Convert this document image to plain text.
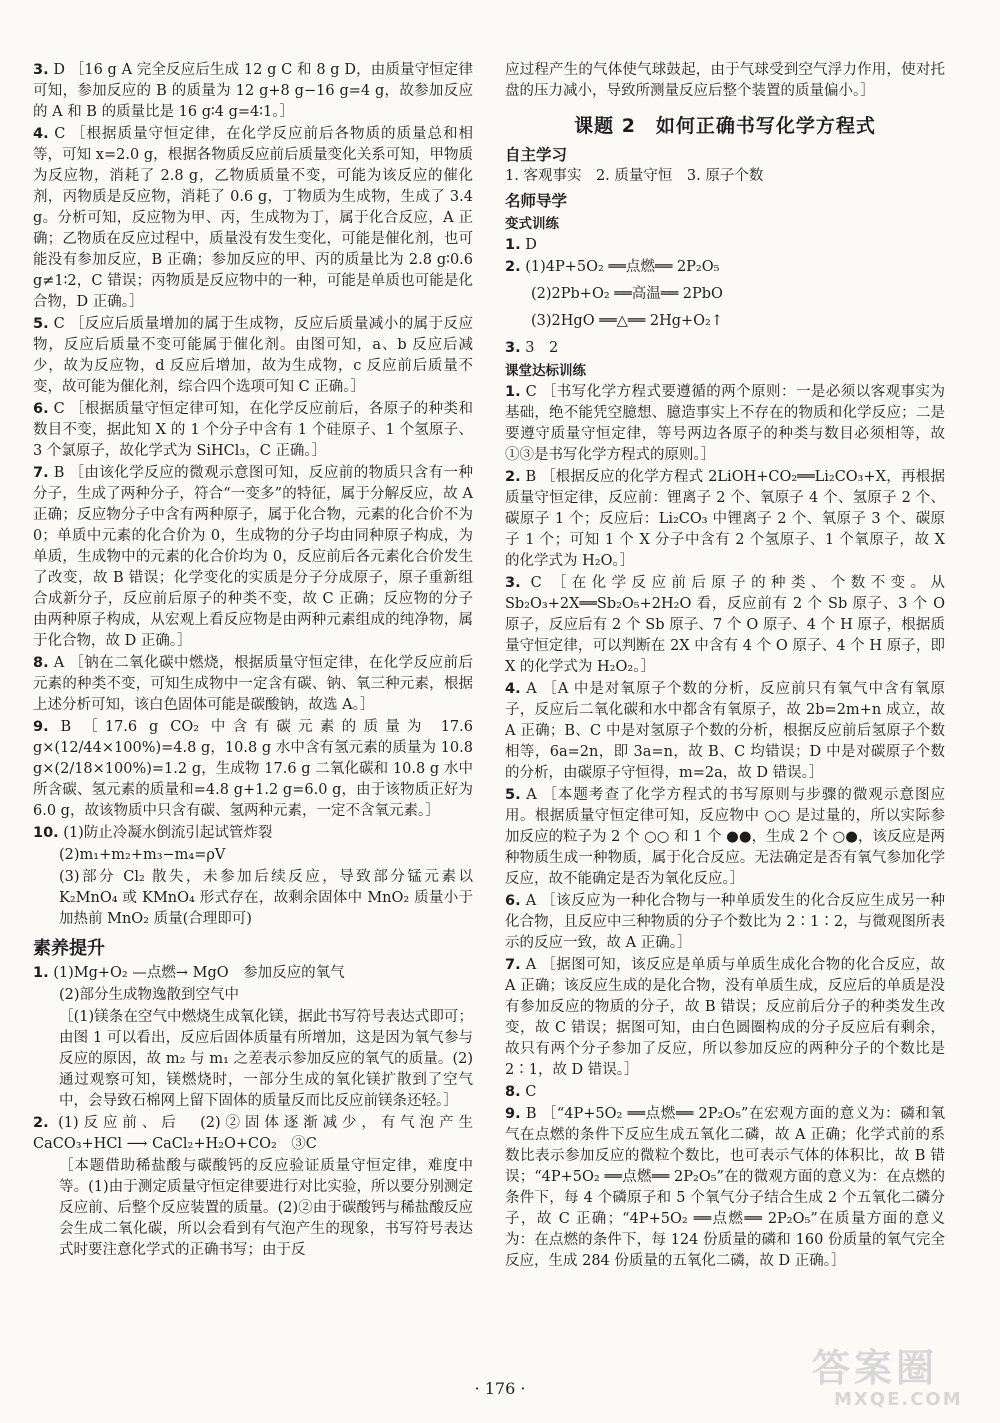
3. D ［16 g A 完全反应后生成 12 g C 和 8 g D，由质量守恒定律可知，参加反应的 B 的质量为 12 g+8 g−16 g=4 g，故参加反应的 A 和 B 的质量比是 16 g∶4 g=4∶1。］
4. C ［根据质量守恒定律，在化学反应前后各物质的质量总和相等，可知 x=2.0 g，根据各物质反应前后质量变化关系可知，甲物质为反应物，消耗了 2.8 g，乙物质质量不变，可能为该反应的催化剂，丙物质是反应物，消耗了 0.6 g，丁物质为生成物，生成了 3.4 g。分析可知，反应物为甲、丙，生成物为丁，属于化合反应，A 正确；乙物质在反应过程中，质量没有发生变化，可能是催化剂，也可能没有参加反应，B 正确；参加反应的甲、丙的质量比为 2.8 g∶0.6 g≠1∶2，C 错误；丙物质是反应物中的一种，可能是单质也可能是化合物，D 正确。］
5. C ［反应后质量增加的属于生成物，反应后质量减小的属于反应物，反应后质量不变可能属于催化剂。由图可知，a、b 反应后减少，故为反应物，d 反应后增加，故为生成物，c 反应前后质量不变，故可能为催化剂，综合四个选项可知 C 正确。］
6. C ［根据质量守恒定律可知，在化学反应前后，各原子的种类和数目不变，据此知 X 的 1 个分子中含有 1 个硅原子、1 个氢原子、3 个氯原子，故化学式为 SiHCl₃，C 正确。］
7. B ［由该化学反应的微观示意图可知，反应前的物质只含有一种分子，生成了两种分子，符合“一变多”的特征，属于分解反应，故 A 正确；反应物分子中含有两种原子，属于化合物，元素的化合价不为 0；单质中元素的化合价为 0，生成物的分子均由同种原子构成，为单质，生成物中的元素的化合价均为 0，反应前后各元素化合价发生了改变，故 B 错误；化学变化的实质是分子分成原子，原子重新组合成新分子，反应前后原子的种类不变，故 C 正确；反应物的分子由两种原子构成，从宏观上看反应物是由两种元素组成的纯净物，属于化合物，故 D 正确。］
8. A ［钠在二氧化碳中燃烧，根据质量守恒定律，在化学反应前后元素的种类不变，可知生成物中一定含有碳、钠、氧三种元素，根据上述分析可知，该白色固体可能是碳酸钠，故选 A。］
9. B ［17.6 g CO₂ 中含有碳元素的质量为 17.6 g×(12/44×100%)=4.8 g，10.8 g 水中含有氢元素的质量为 10.8 g×(2/18×100%)=1.2 g，生成物 17.6 g 二氧化碳和 10.8 g 水中所含碳、氢元素的质量和=4.8 g+1.2 g=6.0 g，由于该物质正好为 6.0 g，故该物质中只含有碳、氢两种元素，一定不含氧元素。］
10. (1)防止冷凝水倒流引起试管炸裂
(2)m₁+m₂+m₃−m₄=ρV
(3)部分 Cl₂ 散失，未参加后续反应，导致部分锰元素以 K₂MnO₄ 或 KMnO₄ 形式存在，故剩余固体中 MnO₂ 质量小于加热前 MnO₂ 质量(合理即可)
素养提升
1. (1)Mg+O₂ —点燃→ MgO　参加反应的氧气
(2)部分生成物逸散到空气中
［(1)镁条在空气中燃烧生成氧化镁，据此书写符号表达式即可；由图 1 可以看出，反应后固体质量有所增加，这是因为氧气参与反应的原因，故 m₂ 与 m₁ 之差表示参加反应的氧气的质量。(2)通过观察可知，镁燃烧时，一部分生成的氧化镁扩散到了空气中，会导致石棉网上留下固体的质量反而比反应前镁条还轻。］
2. (1)反应前、后　(2)②固体逐渐减少，有气泡产生　CaCO₃+HCl ⟶ CaCl₂+H₂O+CO₂　③C
［本题借助稀盐酸与碳酸钙的反应验证质量守恒定律，难度中等。(1)由于测定质量守恒定律要进行对比实验，所以要分别测定反应前、后整个反应装置的质量。(2)②由于碳酸钙与稀盐酸反应会生成二氧化碳，所以会看到有气泡产生的现象，书写符号表达式时要注意化学式的正确书写；由于反
应过程产生的气体使气球鼓起，由于气球受到空气浮力作用，使对托盘的压力减小，导致所测量反应后整个装置的质量偏小。］
课题 2　如何正确书写化学方程式
自主学习
1. 客观事实　2. 质量守恒　3. 原子个数
名师导学
变式训练
1. D
2. (1)4P+5O₂ ══点燃══ 2P₂O₅
(2)2Pb+O₂ ══高温══ 2PbO
(3)2HgO ══△══ 2Hg+O₂↑
3. 3　2
课堂达标训练
1. C ［书写化学方程式要遵循的两个原则：一是必须以客观事实为基础，绝不能凭空臆想、臆造事实上不存在的物质和化学反应；二是要遵守质量守恒定律，等号两边各原子的种类与数目必须相等，故①③是书写化学方程式的原则。］
2. B ［根据反应的化学方程式 2LiOH+CO₂══Li₂CO₃+X，再根据质量守恒定律，反应前：锂离子 2 个、氧原子 4 个、氢原子 2 个、碳原子 1 个；反应后：Li₂CO₃ 中锂离子 2 个、氧原子 3 个、碳原子 1 个；可知 1 个 X 分子中含有 2 个氢原子、1 个氧原子，故 X 的化学式为 H₂O。］
3. C ［在化学反应前后原子的种类、个数不变。从 Sb₂O₃+2X══Sb₂O₅+2H₂O 看，反应前有 2 个 Sb 原子、3 个 O 原子，反应后有 2 个 Sb 原子、7 个 O 原子、4 个 H 原子，根据质量守恒定律，可以判断在 2X 中含有 4 个 O 原子、4 个 H 原子，即 X 的化学式为 H₂O₂。］
4. A ［A 中是对氧原子个数的分析，反应前只有氧气中含有氧原子，反应后二氧化碳和水中都含有氧原子，故 2b=2m+n 成立，故 A 正确；B、C 中是对氢原子个数的分析，根据反应前后氢原子个数相等，6a=2n，即 3a=n，故 B、C 均错误；D 中是对碳原子个数的分析，由碳原子守恒得，m=2a，故 D 错误。］
5. A ［本题考查了化学方程式的书写原则与步骤的微观示意图应用。根据质量守恒定律可知，反应物中 ○○ 是过量的，所以实际参加反应的粒子为 2 个 ○○ 和 1 个 ●●，生成 2 个 ○●，该反应是两种物质生成一种物质，属于化合反应。无法确定是否有氧气参加化学反应，故不能确定是否为氧化反应。］
6. A ［该反应为一种化合物与一种单质发生的化合反应生成另一种化合物，且反应中三种物质的分子个数比为 2∶1∶2，与微观图所表示的反应一致，故 A 正确。］
7. A ［据图可知，该反应是单质与单质生成化合物的化合反应，故 A 正确；该反应生成的是化合物，没有单质生成，反应后的单质是没有参加反应的物质的分子，故 B 错误；反应前后分子的种类发生改变，故 C 错误；据图可知，由白色圆圈构成的分子反应后有剩余，故只有两个分子参加了反应，所以参加反应的两种分子的个数比是 2∶1，故 D 错误。］
8. C
9. B ［“4P+5O₂ ══点燃══ 2P₂O₅”在宏观方面的意义为：磷和氧气在点燃的条件下反应生成五氧化二磷，故 A 正确；化学式前的系数比表示参加反应的微粒个数比，也可表示气体的体积比，故 B 错误；“4P+5O₂ ══点燃══ 2P₂O₅”在的微观方面的意义为：在点燃的条件下，每 4 个磷原子和 5 个氧气分子结合生成 2 个五氧化二磷分子，故 C 正确；“4P+5O₂ ══点燃══ 2P₂O₅”在质量方面的意义为：在点燃的条件下，每 124 份质量的磷和 160 份质量的氧气完全反应，生成 284 份质量的五氧化二磷，故 D 正确。］
· 176 ·	答案圈
MXQE.COM
